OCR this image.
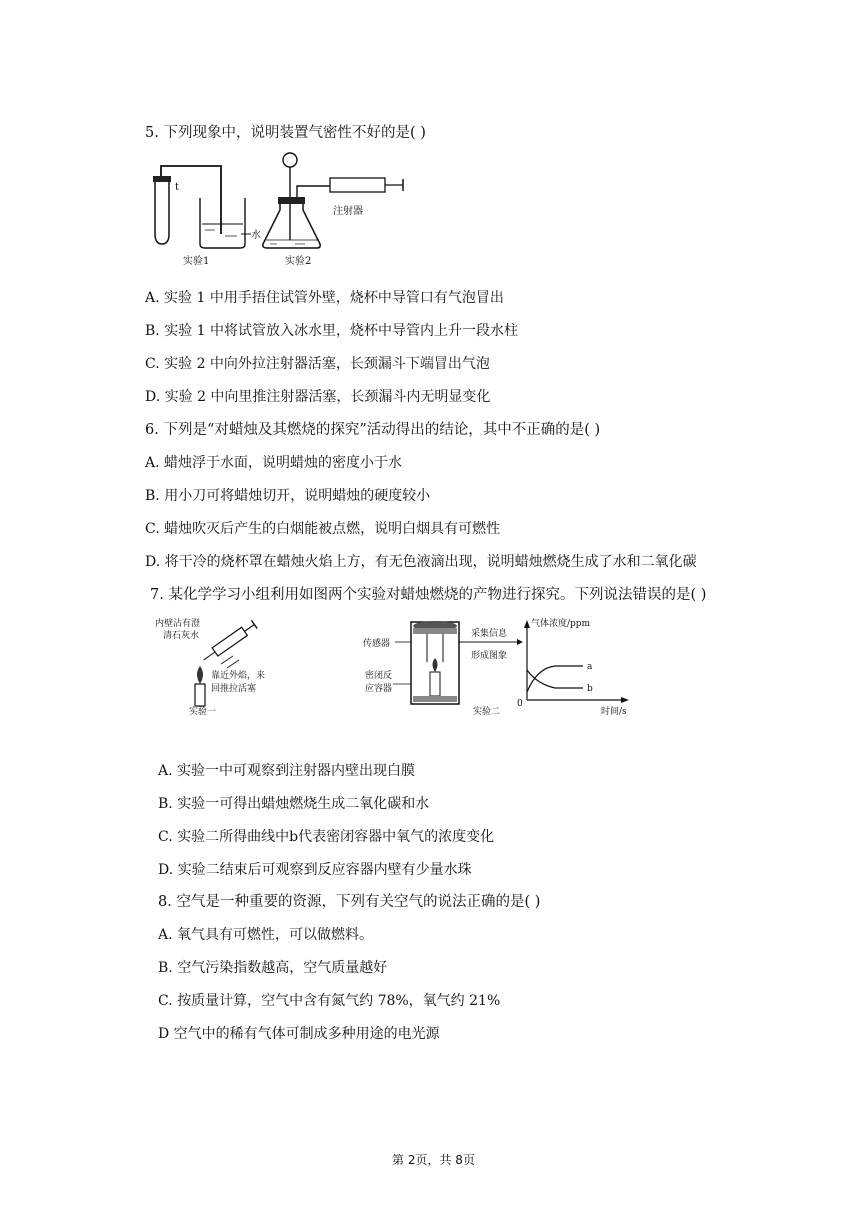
5. 下列现象中，说明装置气密性不好的是( )
t
实验1
水
注射器
实验2
A. 实验 1 中用手捂住试管外壁，烧杯中导管口有气泡冒出
B. 实验 1 中将试管放入冰水里，烧杯中导管内上升一段水柱
C. 实验 2 中向外拉注射器活塞，长颈漏斗下端冒出气泡
D. 实验 2 中向里推注射器活塞，长颈漏斗内无明显变化
6. 下列是“对蜡烛及其燃烧的探究”活动得出的结论，其中不正确的是( )
A. 蜡烛浮于水面，说明蜡烛的密度小于水
B. 用小刀可将蜡烛切开，说明蜡烛的硬度较小
C. 蜡烛吹灭后产生的白烟能被点燃，说明白烟具有可燃性
D. 将干冷的烧杯罩在蜡烛火焰上方，有无色液滴出现，说明蜡烛燃烧生成了水和二氧化碳
7. 某化学学习小组利用如图两个实验对蜡烛燃烧的产物进行探究。下列说法错误的是( )
内壁沾有澄
清石灰水
靠近外焰，来
回推拉活塞
实验一
传感器
密闭反
应容器
采集信息
形成图象
实验二
气体浓度/ppm
时间/s
0
a
b
A. 实验一中可观察到注射器内壁出现白膜
B. 实验一可得出蜡烛燃烧生成二氧化碳和水
C. 实验二所得曲线中b代表密闭容器中氧气的浓度变化
D. 实验二结束后可观察到反应容器内壁有少量水珠
8. 空气是一种重要的资源，下列有关空气的说法正确的是( )
A. 氧气具有可燃性，可以做燃料。
B. 空气污染指数越高，空气质量越好
C. 按质量计算，空气中含有氮气约 78%，氧气约 21%
D 空气中的稀有气体可制成多种用途的电光源
第 2页，共 8页
